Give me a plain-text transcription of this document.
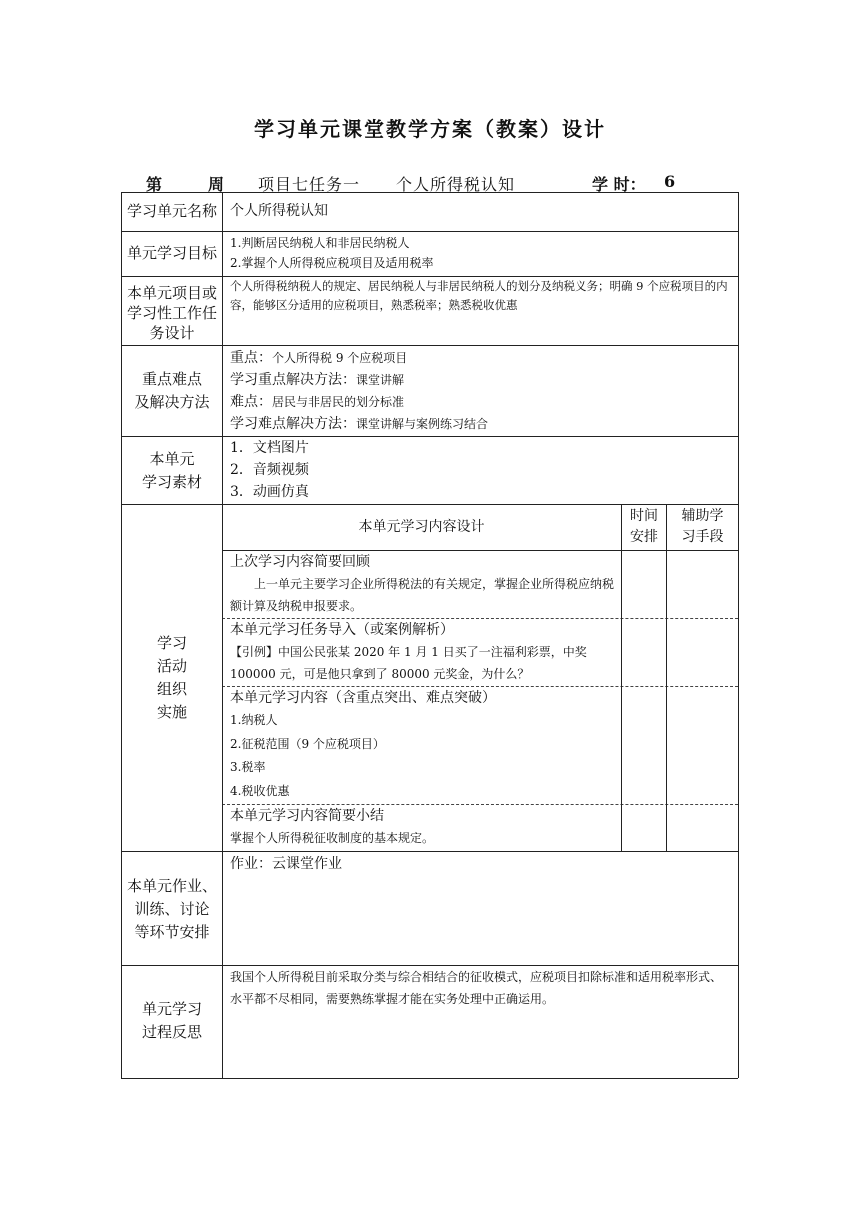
学习单元课堂教学方案（教案）设计
第	周 项目七任务一 个人所得税认知	学 时： 6
学习单元名称 个人所得税认知
单元学习目标
1.判断居民纳税人和非居民纳税人
2.掌握个人所得税应税项目及适用税率
本单元项目或
学习性工作任
务设计
个人所得税纳税人的规定、居民纳税人与非居民纳税人的划分及纳税义务；明确 9 个应税项目的内容，能够区分适用的应税项目，熟悉税率；熟悉税收优惠
重点难点
及解决方法
重点：个人所得税 9 个应税项目
学习重点解决方法：课堂讲解
难点：居民与非居民的划分标准
学习难点解决方法：课堂讲解与案例练习结合
本单元
学习素材
1．文档图片
2．音频视频
3．动画仿真
学习
活动
组织
实施
本单元学习内容设计
时间
安排
辅助学
习手段
上次学习内容简要回顾
上一单元主要学习企业所得税法的有关规定，掌握企业所得税应纳税额计算及纳税申报要求。
本单元学习任务导入（或案例解析）
【引例】中国公民张某 2020 年 1 月 1 日买了一注福利彩票，中奖 100000 元，可是他只拿到了 80000 元奖金，为什么？
本单元学习内容（含重点突出、难点突破）
1.纳税人
2.征税范围（9 个应税项目）
3.税率
4.税收优惠
本单元学习内容简要小结
掌握个人所得税征收制度的基本规定。
本单元作业、
训练、讨论
等环节安排
作业：云课堂作业
单元学习
过程反思
我国个人所得税目前采取分类与综合相结合的征收模式，应税项目扣除标准和适用税率形式、水平都不尽相同，需要熟练掌握才能在实务处理中正确运用。
